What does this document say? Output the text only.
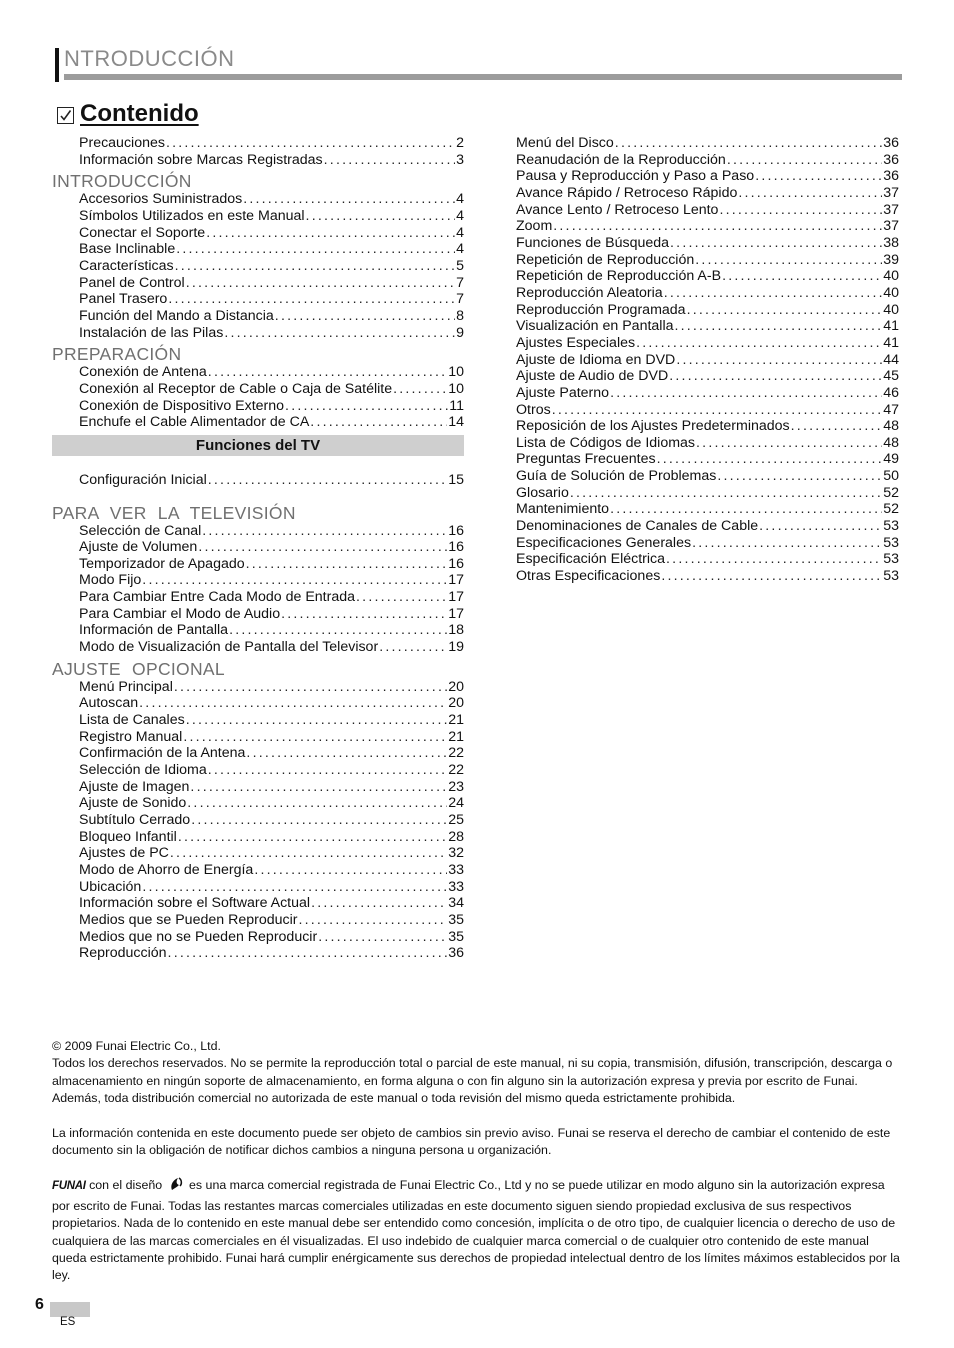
NTRODUCCIÓN
Contenido
Precauciones .....	2
Información sobre Marcas Registradas .....	3
INTRODUCCIÓN
Accesorios Suministrados .....	4
Símbolos Utilizados en este Manual .....	4
Conectar el Soporte .....	4
Base Inclinable .....	4
Características .....	5
Panel de Control .....	7
Panel Trasero .....	7
Función del Mando a Distancia .....	8
Instalación de las Pilas .....	9
PREPARACIÓN
Conexión de Antena .....	10
Conexión al Receptor de Cable o Caja de Satélite .....	10
Conexión de Dispositivo Externo .....	11
Enchufe el Cable Alimentador de CA .....	14
Funciones del TV
Configuración Inicial .....	15
PARA VER LA TELEVISIÓN
Selección de Canal .....	16
Ajuste de Volumen .....	16
Temporizador de Apagado .....	16
Modo Fijo .....	17
Para Cambiar Entre Cada Modo de Entrada .....	17
Para Cambiar el Modo de Audio .....	17
Información de Pantalla .....	18
Modo de Visualización de Pantalla del Televisor .....	19
AJUSTE OPCIONAL
Menú Principal .....	20
Autoscan .....	20
Lista de Canales .....	21
Registro Manual .....	21
Confirmación de la Antena .....	22
Selección de Idioma .....	22
Ajuste de Imagen .....	23
Ajuste de Sonido .....	24
Subtítulo Cerrado .....	25
Bloqueo Infantil .....	28
Ajustes de PC .....	32
Modo de Ahorro de Energía .....	33
Ubicación .....	33
Información sobre el Software Actual .....	34
Medios que se Pueden Reproducir .....	35
Medios que no se Pueden Reproducir .....	35
Reproducción .....	36
Menú del Disco .....	36
Reanudación de la Reproducción .....	36
Pausa y Reproducción y Paso a Paso .....	36
Avance Rápido / Retroceso Rápido .....	37
Avance Lento / Retroceso Lento .....	37
Zoom .....	37
Funciones de Búsqueda .....	38
Repetición de Reproducción .....	39
Repetición de Reproducción A-B .....	40
Reproducción Aleatoria .....	40
Reproducción Programada .....	40
Visualización en Pantalla .....	41
Ajustes Especiales .....	41
Ajuste de Idioma en DVD .....	44
Ajuste de Audio de DVD .....	45
Ajuste Paterno .....	46
Otros .....	47
Reposición de los Ajustes Predeterminados .....	48
Lista de Códigos de Idiomas .....	48
Preguntas Frecuentes .....	49
Guía de Solución de Problemas .....	50
Glosario .....	52
Mantenimiento .....	52
Denominaciones de Canales de Cable .....	53
Especificaciones Generales .....	53
Especificación Eléctrica .....	53
Otras Especificaciones .....	53

© 2009 Funai Electric Co., Ltd.

Todos los derechos reservados. No se permite la reproducción total o parcial de este manual, ni su copia, transmisión, difusión, transcripción, descarga o almacenamiento en ningún soporte de almacenamiento, en forma alguna o con fin alguno sin la autorización expresa y previa por escrito de Funai.

Además, toda distribución comercial no autorizada de este manual o toda revisión del mismo queda estrictamente prohibida.

La información contenida en este documento puede ser objeto de cambios sin previo aviso. Funai se reserva el derecho de cambiar el contenido de este documento sin la obligación de notificar dichos cambios a ninguna persona u organización.

FUNAI con el diseño es una marca comercial registrada de Funai Electric Co., Ltd y no se puede utilizar en modo alguno sin la autorización expresa por escrito de Funai. Todas las restantes marcas comerciales utilizadas en este documento siguen siendo propiedad exclusiva de sus respectivos propietarios. Nada de lo contenido en este manual debe ser entendido como concesión, implícita o de otro tipo, de cualquier licencia o derecho de uso de cualquiera de las marcas comerciales en él visualizadas. El uso indebido de cualquier marca comercial o de cualquier otro contenido de este manual queda estrictamente prohibido. Funai hará cumplir enérgicamente sus derechos de propiedad intelectual dentro de los límites máximos establecidos por la ley.

6
ES
